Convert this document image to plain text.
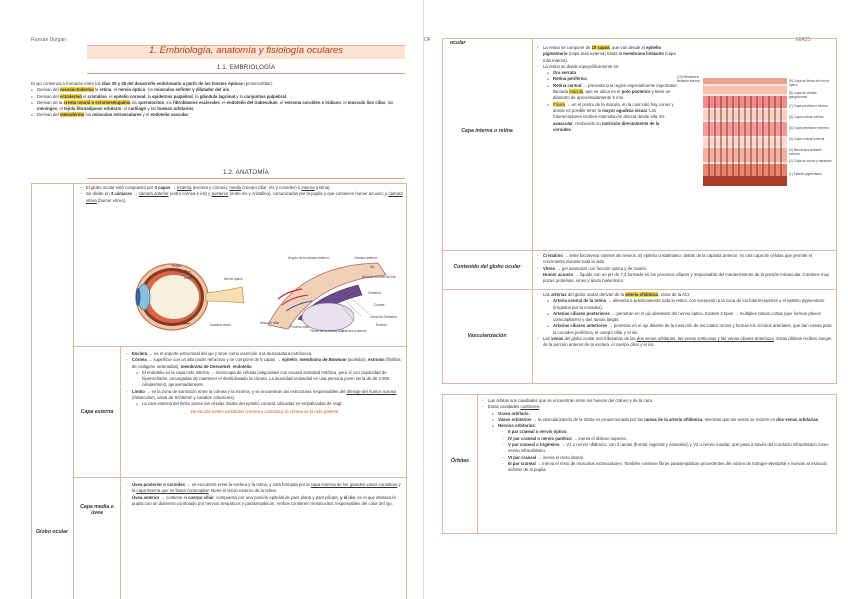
Ruesan Durgan
1. Embriología, anatomía y fisiología oculares
1.1. EMBRIOLOGÍA
El ojo comienza a formarse entre los días 25 y 28 del desarrollo embrionario a partir de las fosetas ópticas (prosencéfalo).
● Derivan del neuroectodermo la retina, el nervio óptico, los músculos esfínter y dilatador del iris.
● Derivan del ectodermo el cristalino, el epitelio corneal, la epidermis palpebral, la glándula lagrimal y la conjuntiva palpebral.
● Derivan de la cresta neural o ectomesénquima los queratocitos, los fibroblastos esclerales, el endotelio del trabeculum, el estroma coroideo e iridiano, el músculo liso ciliar, las meninges, el tejido fibroadiposo orbitario, el cartílago y los huesos orbitarios.
● Derivan del mesodermo los músculos extraoculares y el endotelio vascular.
1.2. ANATOMÍA
Globo ocular
- El globo ocular está compuesto por 3 capas → externa (esclera y córnea), media (cuerpo ciliar, iris y coroides) e interna (retina).
- Se divide en 3 cámaras → cámara anterior (entre córnea e iris) y posterior (entre iris y cristalino), comunicadas por la pupila y que contienen humor acuoso; y cámara vítrea (humor vítreo).
Retina
Coroides
Esclera	Nervio óptico
Cavidad vítrea
Ángulo de la cámara anterior	Cámara anterior
Iris
Músculo esfínter del iris
Cristalino
Músculo ciliar
Proceso ciliar
Fibras de la zónula ciliar
Cámara posterior
Córnea
Canal de Schlemm
Esclera
Capa externa
- Esclera → es el soporte estructural del ojo y sirve como inserción a la musculatura extrínseca.
- Córnea → superficie con un alto poder refractivo y se compone de 5 capas → epitelio, membrana de Bowman (acelular), estroma (fibrillas de colágeno ordenadas), membrana de Descemet, endotelio.
● El endotelio es la capa más interna → monocapa de células poligonales con escasa actividad mitótica, pero sí con capacidad de hipertrofiarse, encargadas de mantener el deshidratado la córnea. La densidad endotelial en una persona joven sería de de 3.500 células/mm2, aproximadamente.
- Limbo → es la zona de transición entre la córnea y la esclera, y se encuentran las estructuras responsables del drenaje del humor acuoso (trabeculum, canal de Schlemm y canales colectores).
● La cara externa del limbo posee las células madre del epitelio corneal, ubicadas en empalizadas de Vogt.
De las dos lentes existentes (córnea y cristalino), la córnea es la más potente.
Capa media o úvea
- Úvea posterior o coroides → se encuentra entre la esclera y la retina, y está formada por la capa externa de los grandes vasos coroideos y la capa interna que se llama coriocapilar. Nutre el tercio externo de la retina.
- Úvea anterior → contiene el cuerpo ciliar, compuesto por una porción epitelial de pars plana y pars plicata, y el iris, en el que destaca la pupila con un diámetro controlado por nervios simpáticos y parasimpáticos. Ambos contienen melanocitos responsables del color del ojo.
OF	MIR25
ocular
Capa interna o retina
- La retina se compone de 10 capas, que van desde el epitelio pigmentario (capa más externa) hasta la membrana limitante (capa más interna).
- La retina se divide topográficamente en:
● Ora serrata.
● Retina periférica.
● Retina central → presenta una región especialmente importante llamada mácula, que se ubica en el polo posterior y tiene un diámetro de aproximadamente 5 mm.
● Fóvea → en el centro de la mácula, en la cual sólo hay conos y donde es posible tener la mayor agudeza visual. Los fotorreceptores reciben estimulación directa desde ella. Es avascular, recibiendo su nutrición directamente de la coroides.
(10) Membrana limitante interna	(9) Capa de fibras del nervio óptico
(8) Capa de células ganglionares
(7) Capa plexiforme interna
(6) Capa nuclear interna
(5) Capa plexiforme externa
(4) Capa nuclear externa
(3) Membrana limitante externa
(2) Capa de conos y bastones
(1) Epitelio pigmentario
Contenido del globo ocular
- Cristalino → lente biconvexa carente de nervios. El epitelio cristaliniano, detrás de la cápsula anterior, es una capa de células que permite el crecimiento durante toda la vida.
- Vítreo → gel avascular con función óptica y de sostén.
- Humor acuoso → líquido con un pH de 7,2 formado en los procesos ciliares y responsable del mantenimiento de la presión intraocular. Contiene muy pocas proteínas, iones y ácido hialurónico.
Vascularización
- Las arterias del globo ocular derivan de la arteria oftálmica, rama de la ACI:
● Arteria central de la retina → alimenta a prácticamente toda la retina, con excepción a la zona de los fotorreceptores y el epitelio pigmentario (irrigados por la coroides).
● Arterias ciliares posteriores → penetran en el ojo alrededor del nervio óptico. Existen 2 tipos → múltiples ramas cortas (que forman plexos coriocapilares) y dos ramas largas.
● Arterias ciliares anteriores → penetran en el ojo delante de la inserción de los cuatro rectos y forman los círculos arteriales, que dan ramas para la coroides periférica, el cuerpo ciliar y el iris.
- Las venas del globo ocular son tributarias de las dos venas orbitarias, las venas vorticosas y las venas ciliares anteriores. Estas últimas reciben sangre de la porción anterior de la esclera, el cuerpo ciliar y el iris.
Órbitas
- Las órbitas son cavidades que se encuentran entre los huesos del cráneo y de la cara.
- Estas cavidades contienen:
● Grasa orbitaria.
● Vasos orbitarios → la vascularización de la órbita es proporcionada por las ramas de la arteria oftálmica, mientras que las venas se reúnen en dos venas orbitarias.
● Nervios orbitarios:
- II par craneal o nervio óptico.
- IV par craneal o nervio patético → inerva el oblicuo superior.
- V par craneal o trigémino → V1 o nervio oftálmico, con 3 ramas (frontal, lagrimal y nasociliar) y V2 o nervio maxilar, que pasa a través del conducto infraorbitario como nervio infraorbitario.
- VI par craneal → inerva el recto lateral.
- III par craneal → inerva el resto de músculos extraoculares. También contiene fibras parasimpáticas procedentes del núcleo de Edinger-Westphal e inervan al músculo esfínter de la pupila.
